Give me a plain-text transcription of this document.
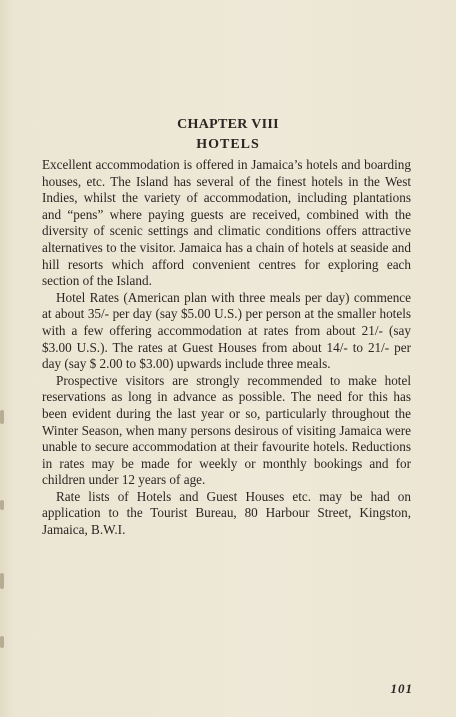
CHAPTER VIII
HOTELS

Excellent accommodation is offered in Jamaica’s hotels and boarding houses, etc. The Island has several of the finest hotels in the West Indies, whilst the variety of accommodation, including plantations and “pens” where paying guests are received, combined with the diversity of scenic settings and climatic conditions offers attractive alternatives to the visitor. Jamaica has a chain of hotels at seaside and hill resorts which afford convenient centres for exploring each section of the Island.

Hotel Rates (American plan with three meals per day) commence at about 35/- per day (say $5.00 U.S.) per person at the smaller hotels with a few offering accommodation at rates from about 21/- (say $3.00 U.S.). The rates at Guest Houses from about 14/- to 21/- per day (say $ 2.00 to $3.00) upwards include three meals.

Prospective visitors are strongly recommended to make hotel reservations as long in advance as possible. The need for this has been evident during the last year or so, particularly throughout the Winter Season, when many persons desirous of visiting Jamaica were unable to secure accommodation at their favourite hotels. Reductions in rates may be made for weekly or monthly bookings and for children under 12 years of age.

Rate lists of Hotels and Guest Houses etc. may be had on application to the Tourist Bureau, 80 Harbour Street, Kingston, Jamaica, B.W.I.

101
